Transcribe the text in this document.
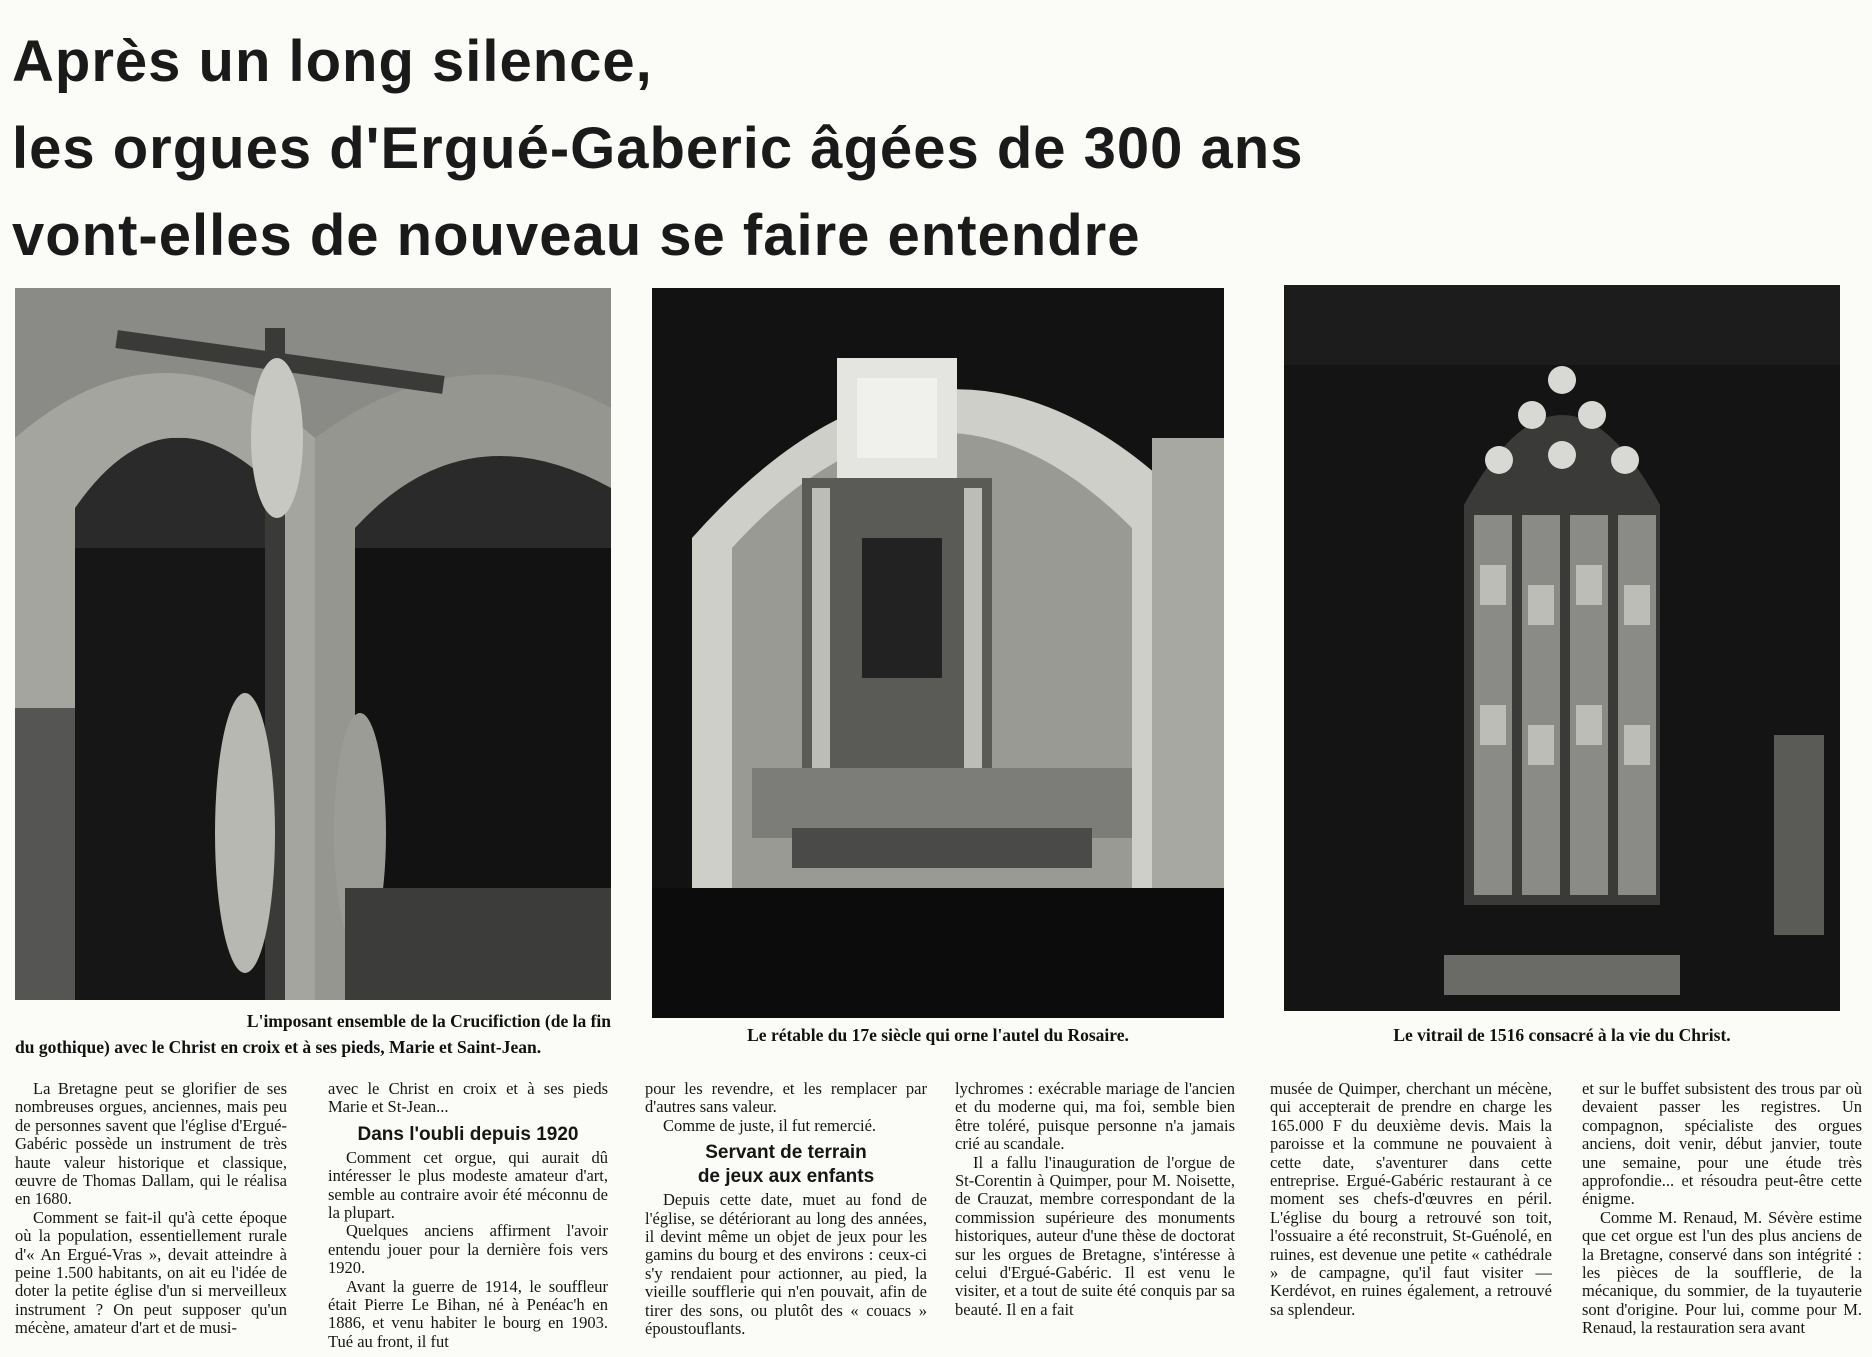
Après un long silence,
les orgues d'Ergué-Gaberic âgées de 300 ans
vont-elles de nouveau se faire entendre
L'imposant ensemble de la Crucifiction (de la fin
du gothique) avec le Christ en croix et à ses pieds, Marie et Saint-Jean.
Le rétable du 17e siècle qui orne l'autel du Rosaire.	Le vitrail de 1516 consacré à la vie du Christ.

La Bretagne peut se glorifier de ses nombreuses orgues, anciennes, mais peu de personnes savent que l'église d'Ergué-Gabéric possède un instrument de très haute valeur historique et classique, œuvre de Thomas Dallam, qui le réalisa en 1680.

Comment se fait-il qu'à cette époque où la population, essentiellement rurale d'« An Ergué-Vras », devait atteindre à peine 1.500 habitants, on ait eu l'idée de doter la petite église d'un si merveilleux instrument ? On peut supposer qu'un mécène, amateur d'art et de musi-

avec le Christ en croix et à ses pieds Marie et St-Jean...

Dans l'oubli depuis 1920

Comment cet orgue, qui aurait dû intéresser le plus modeste amateur d'art, semble au contraire avoir été méconnu de la plupart.

Quelques anciens affirment l'avoir entendu jouer pour la dernière fois vers 1920.

Avant la guerre de 1914, le souffleur était Pierre Le Bihan, né à Penéac'h en 1886, et venu habiter le bourg en 1903. Tué au front, il fut

pour les revendre, et les remplacer par d'autres sans valeur.

Comme de juste, il fut remercié.

Servant de terrain
de jeux aux enfants

Depuis cette date, muet au fond de l'église, se détériorant au long des années, il devint même un objet de jeux pour les gamins du bourg et des environs : ceux-ci s'y rendaient pour actionner, au pied, la vieille soufflerie qui n'en pouvait, afin de tirer des sons, ou plutôt des « couacs » époustouflants.

lychromes : exécrable mariage de l'ancien et du moderne qui, ma foi, semble bien être toléré, puisque personne n'a jamais crié au scandale.

Il a fallu l'inauguration de l'orgue de St-Corentin à Quimper, pour M. Noisette, de Crauzat, membre correspondant de la commission supérieure des monuments historiques, auteur d'une thèse de doctorat sur les orgues de Bretagne, s'intéresse à celui d'Ergué-Gabéric. Il est venu le visiter, et a tout de suite été conquis par sa beauté. Il en a fait

musée de Quimper, cherchant un mécène, qui accepterait de prendre en charge les 165.000 F du deuxième devis. Mais la paroisse et la commune ne pouvaient à cette date, s'aventurer dans cette entreprise. Ergué-Gabéric restaurant à ce moment ses chefs-d'œuvres en péril. L'église du bourg a retrouvé son toit, l'ossuaire a été reconstruit, St-Guénolé, en ruines, est devenue une petite « cathédrale » de campagne, qu'il faut visiter — Kerdévot, en ruines également, a retrouvé sa splendeur.

et sur le buffet subsistent des trous par où devaient passer les registres. Un compagnon, spécialiste des orgues anciens, doit venir, début janvier, toute une semaine, pour une étude très approfondie... et résoudra peut-être cette énigme.

Comme M. Renaud, M. Sévère estime que cet orgue est l'un des plus anciens de la Bretagne, conservé dans son intégrité : les pièces de la soufflerie, de la mécanique, du sommier, de la tuyauterie sont d'origine. Pour lui, comme pour M. Renaud, la restauration sera avant
